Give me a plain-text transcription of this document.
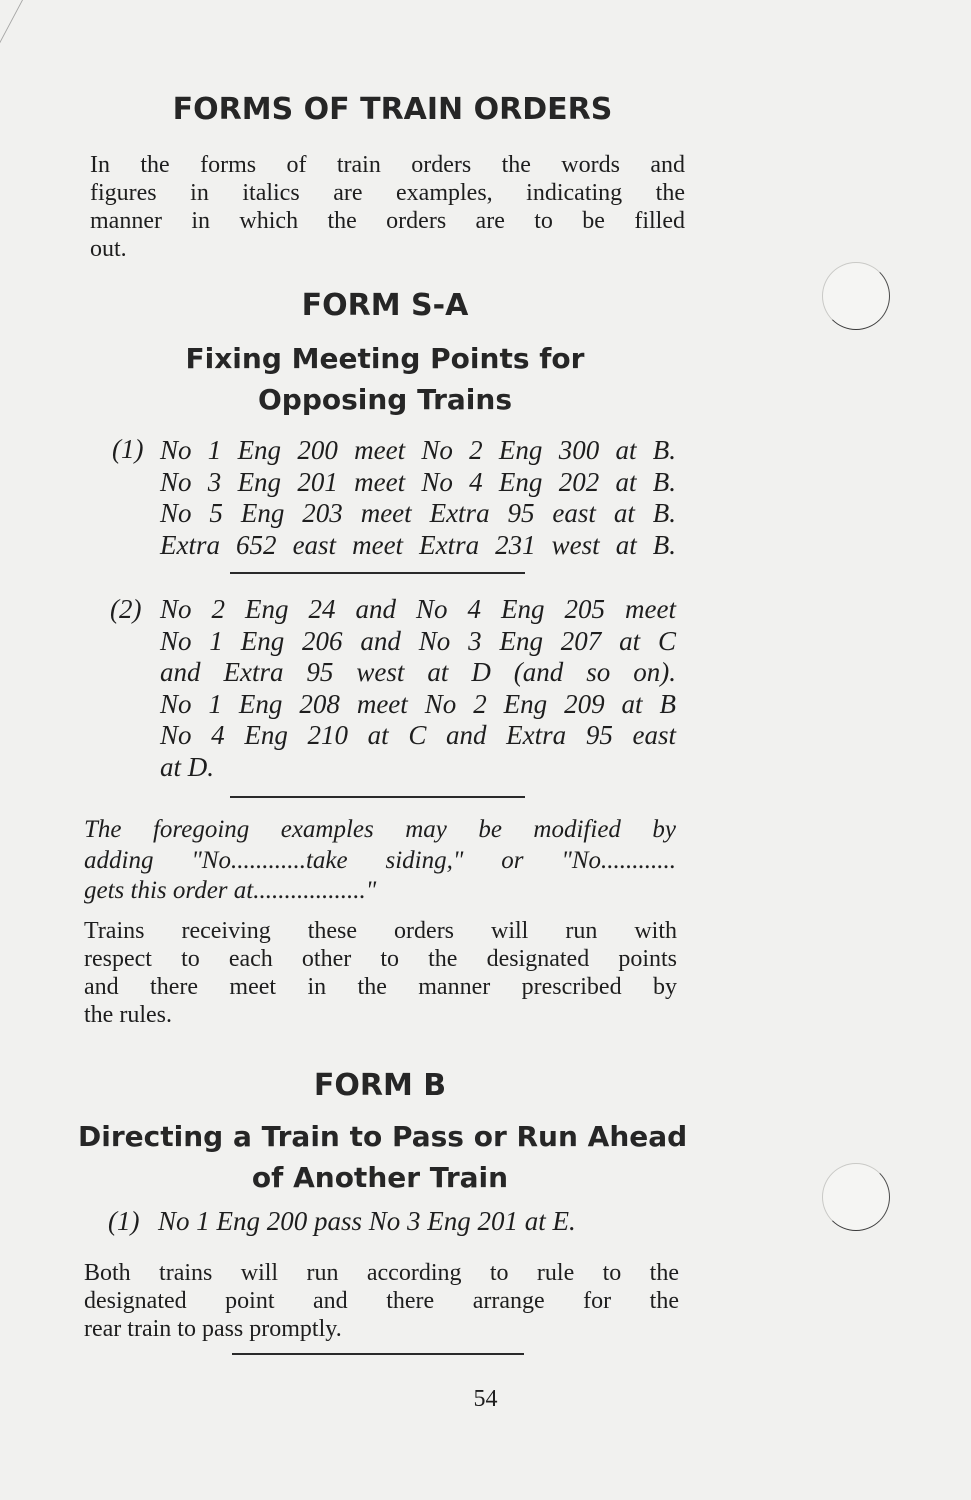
FORMS OF TRAIN ORDERS
In the forms of train orders the words and
figures in italics are examples, indicating the
manner in which the orders are to be filled
out.
FORM S-A
Fixing Meeting Points for
Opposing Trains
(1) No 1 Eng 200 meet No 2 Eng 300 at B.
No 3 Eng 201 meet No 4 Eng 202 at B.
No 5 Eng 203 meet Extra 95 east at B.
Extra 652 east meet Extra 231 west at B.
(2) No 2 Eng 24 and No 4 Eng 205 meet
No 1 Eng 206 and No 3 Eng 207 at C
and Extra 95 west at D (and so on).
No 1 Eng 208 meet No 2 Eng 209 at B
No 4 Eng 210 at C and Extra 95 east
at D.
The foregoing examples may be modified by
adding "No............take siding," or "No............
gets this order at.................."
Trains receiving these orders will run with
respect to each other to the designated points
and there meet in the manner prescribed by
the rules.
FORM B
Directing a Train to Pass or Run Ahead
of Another Train
(1) No 1 Eng 200 pass No 3 Eng 201 at E.
Both trains will run according to rule to the
designated point and there arrange for the
rear train to pass promptly.
54
